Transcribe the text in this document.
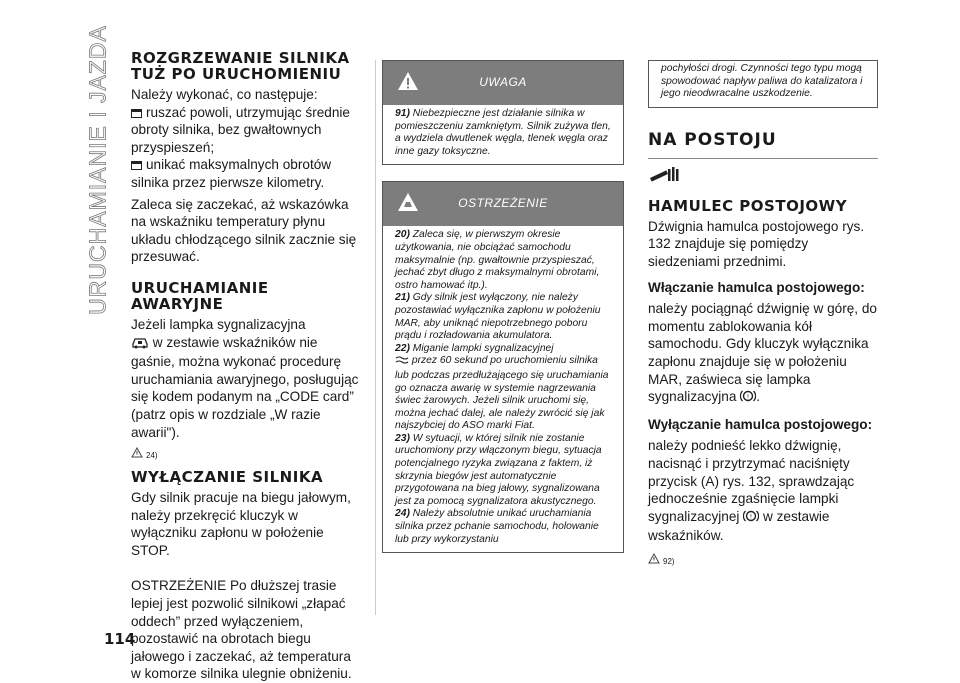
URUCHAMIANIE I JAZDA ROZGRZEWANIE SILNIKA
TUŻ PO URUCHOMIENIU

Należy wykonać, co następuje:

ruszać powoli, utrzymując średnie obroty silnika, bez gwałtownych przyspieszeń;

unikać maksymalnych obrotów silnika przez pierwsze kilometry.

Zaleca się zaczekać, aż wskazówka na wskaźniku temperatury płynu układu chłodzącego silnik zacznie się przesuwać.

URUCHAMIANIE
AWARYJNE

Jeżeli lampka sygnalizacyjna
w zestawie wskaźników nie gaśnie, można wykonać procedurę uruchamiania awaryjnego, posługując się kodem podanym na „CODE card” (patrz opis w rozdziale „W razie awarii").

24)
WYŁĄCZANIE SILNIKA

Gdy silnik pracuje na biegu jałowym, należy przekręcić kluczyk w wyłączniku zapłonu w położenie STOP.

OSTRZEŻENIE Po dłuższej trasie lepiej jest pozwolić silnikowi „złapać oddech” przed wyłączeniem, pozostawić na obrotach biegu jałowego i zaczekać, aż temperatura w komorze silnika ulegnie obniżeniu.

UWAGA

91) Niebezpieczne jest działanie silnika w pomieszczeniu zamkniętym. Silnik zużywa tlen, a wydziela dwutlenek węgla, tlenek węgla oraz inne gazy toksyczne.

OSTRZEŻENIE

20) Zaleca się, w pierwszym okresie użytkowania, nie obciążać samochodu maksymalnie (np. gwałtownie przyspieszać, jechać zbyt długo z maksymalnymi obrotami, ostro hamować itp.).

21) Gdy silnik jest wyłączony, nie należy pozostawiać wyłącznika zapłonu w położeniu MAR, aby uniknąć niepotrzebnego poboru prądu i rozładowania akumulatora.

22) Miganie lampki sygnalizacyjnej
przez 60 sekund po uruchomieniu silnika lub podczas przedłużającego się uruchamiania go oznacza awarię w systemie nagrzewania świec żarowych. Jeżeli silnik uruchomi się, można jechać dalej, ale należy zwrócić się jak najszybciej do ASO marki Fiat.

23) W sytuacji, w której silnik nie zostanie uruchomiony przy włączonym biegu, sytuacja potencjalnego ryzyka związana z faktem, iż skrzynia biegów jest automatycznie przygotowana na bieg jałowy, sygnalizowana jest za pomocą sygnalizatora akustycznego.

24) Należy absolutnie unikać uruchamiania silnika przez pchanie samochodu, holowanie lub przy wykorzystaniu

pochyłości drogi. Czynności tego typu mogą spowodować napływ paliwa do katalizatora i jego nieodwracalne uszkodzenie.
NA POSTOJU
HAMULEC POSTOJOWY

Dźwignia hamulca postojowego rys. 132 znajduje się pomiędzy siedzeniami przednimi.

Włączanie hamulca postojowego:

należy pociągnąć dźwignię w górę, do momentu zablokowania kół samochodu. Gdy kluczyk wyłącznika zapłonu znajduje się w położeniu MAR, zaświeca się lampka sygnalizacyjna ! .

Wyłączanie hamulca postojowego:

należy podnieść lekko dźwignię, nacisnąć i przytrzymać naciśnięty przycisk (A) rys. 132, sprawdzając jednocześnie zgaśnięcie lampki sygnalizacyjnej ! w zestawie wskaźników.

92)
114
